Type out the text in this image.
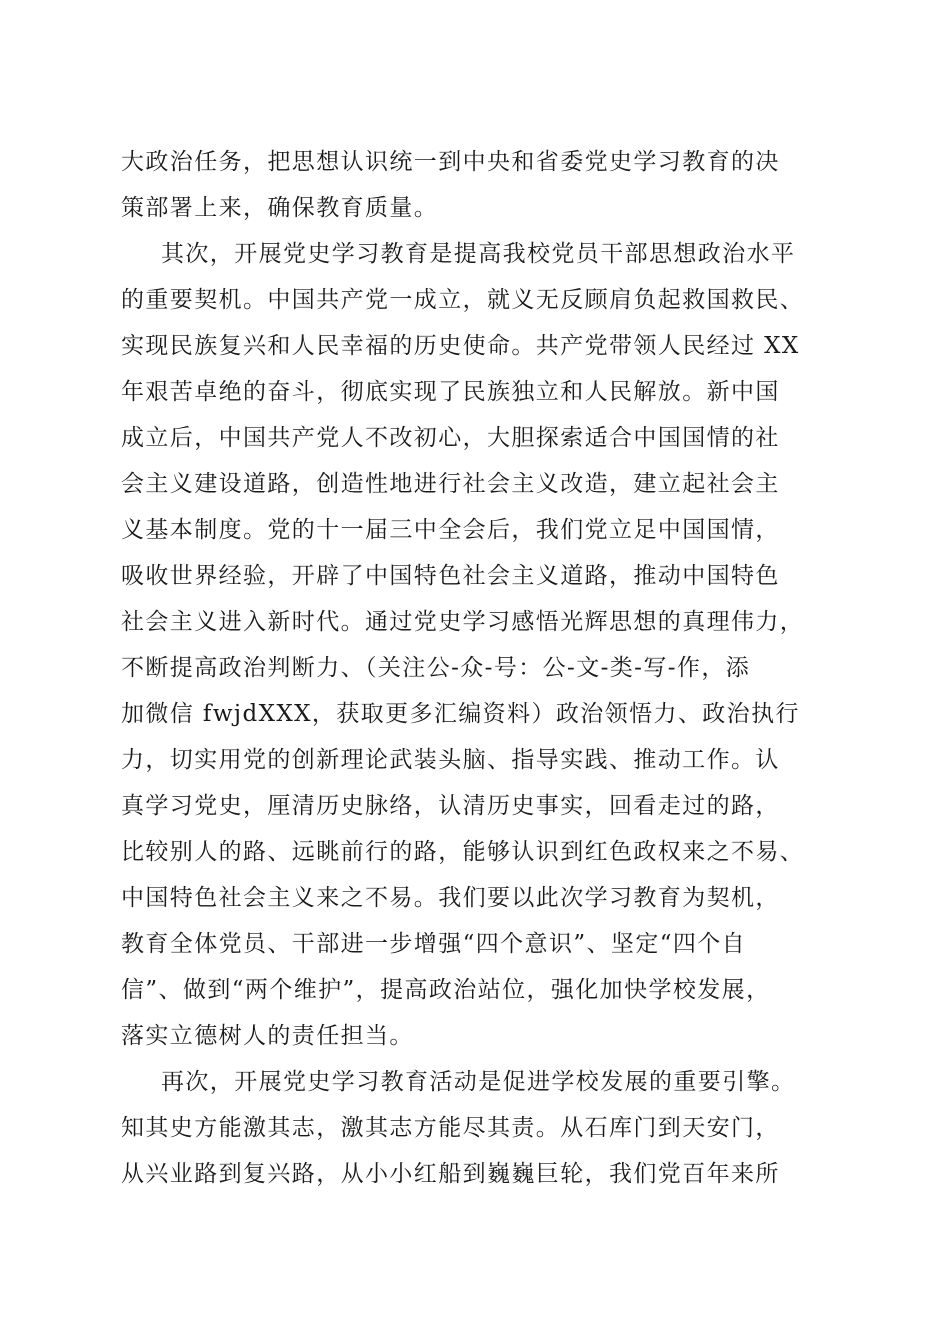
大政治任务，把思想认识统一到中央和省委党史学习教育的决
策部署上来，确保教育质量。
其次，开展党史学习教育是提高我校党员干部思想政治水平
的重要契机。中国共产党一成立，就义无反顾肩负起救国救民、
实现民族复兴和人民幸福的历史使命。共产党带领人民经过 XX
年艰苦卓绝的奋斗，彻底实现了民族独立和人民解放。新中国
成立后，中国共产党人不改初心，大胆探索适合中国国情的社
会主义建设道路，创造性地进行社会主义改造，建立起社会主
义基本制度。党的十一届三中全会后，我们党立足中国国情，
吸收世界经验，开辟了中国特色社会主义道路，推动中国特色
社会主义进入新时代。通过党史学习感悟光辉思想的真理伟力，
不断提高政治判断力、（关注公-众-号：公-文-类-写-作，添
加微信 fwjdXXX，获取更多汇编资料）政治领悟力、政治执行
力，切实用党的创新理论武装头脑、指导实践、推动工作。认
真学习党史，厘清历史脉络，认清历史事实，回看走过的路，
比较别人的路、远眺前行的路，能够认识到红色政权来之不易、
中国特色社会主义来之不易。我们要以此次学习教育为契机，
教育全体党员、干部进一步增强“四个意识”、坚定“四个自
信”、做到“两个维护”，提高政治站位，强化加快学校发展，
落实立德树人的责任担当。
再次，开展党史学习教育活动是促进学校发展的重要引擎。
知其史方能激其志，激其志方能尽其责。从石库门到天安门，
从兴业路到复兴路，从小小红船到巍巍巨轮，我们党百年来所
